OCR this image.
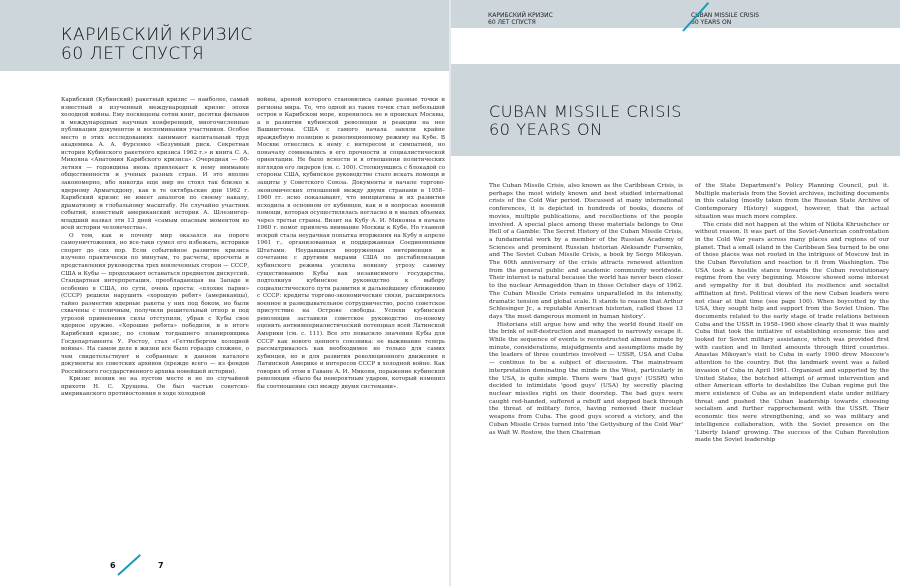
КАРИБСКИЙ КРИЗИС
60 ЛЕТ СПУСТЯ

Карибский (Кубинский) ракетный кризис — наиболее, самый известный и изученный международный кризис эпохи холодной войны. Ему посвящены сотни книг, десятки фильмов и международных научных конференций, многочисленные публикации документов и воспоминания участников. Особое место в этих исследованиях занимают капитальный труд академика А. А. Фурсенко «Безумный риск. Секретная история Кубинского ракетного кризиса 1962 г.» и книга С. А. Микояна «Анатомия Карибского кризиса». Очередная — 60-летняя — годовщина вновь привлекает к нему внимание общественности и ученых разных стран. И это вполне закономерно, ибо никогда еще мир не стоял так близко к ядерному Армагеддону, как в те октябрьские дни 1962 г. Карибский кризис не имеет аналогов по своему накалу, драматизму и глобальному масштабу. Не случайно участник событий, известный американский историк А. Шлезингер-младший назвал эти 13 дней «самым опасным моментом во всей истории человечества».

О том, как и почему мир оказался на пороге самоуничтожения, но все-таки сумел его избежать, историки спорят до сих пор. Если событийное развитие кризиса изучено практически по минутам, то расчеты, просчеты и представления руководства трех вовлеченных сторон — СССР, США и Кубы — продолжают оставаться предметом дискуссий. Стандартная интерпретация, преобладающая на Западе и особенно в США, по сути, очень проста: «плохие парни» (СССР) решили нарушить «хорошую ребят» (американцы), тайно разместив ядерные ракеты у них под боком, но были схвачены с поличным, получили решительный отпор и под угрозой применения силы отступили, убрав с Кубы свое ядерное оружие. «Хорошие ребята» победили, и в итоге Карибский кризис, по словам тогдашнего планировщика Госдепартамента У. Ростоу, стал «Геттисбергом холодной войны». На самом деле в жизни все было гораздо сложнее, о чем свидетельствуют и собранные в данном каталоге документы из советских архивов (прежде всего — из фондов Российского государственного архива новейшей истории).

Кризис возник не на пустом месте и не по случайной прихоти Н. С. Хрущева. Он был частью советско-американского противостояния в ходе холодной

войны, ареной которого становились самые разные точки и регионы мира. То, что одной из таких точек стал небольшой остров в Карибском море, коренилось не в происках Москвы, а в развитии кубинской революции и реакции на нее Вашингтона. США с самого начала заняли крайне враждебную позицию к революционному режиму на Кубе. В Москве отнеслись к нему с интересом и симпатией, но поначалу сомневались в его прочности и социалистической ориентации. Не было ясности и в отношении политических взглядов его лидеров (см. с. 100). Столкнувшись с блокадой со стороны США, кубинское руководство стало искать помощи и защиты у Советского Союза. Документы в начале торгово-экономических отношений между двумя странами в 1958–1960 гг. ясно показывают, что инициатива и их развития исходила в основном от кубинцев, как и в вопросах военной помощи, которая осуществлялась негласно и в малых объемах через третьи страны. Визит на Кубу А. И. Микояна в начале 1960 г. помог привлечь внимание Москвы к Кубе. Но главной искрой стала неудачная попытка вторжения на Кубу в апреле 1961 г., организованная и поддержанная Соединенными Штатами. Неудавшаяся вооруженная интервенция и сочетание с другими мерами США по дестабилизации кубинского режима усилила новизну угрозу самому существованию Кубы как независимого государства, подтолкнув кубинское руководство к выбору социалистического пути развития и дальнейшему сближению с СССР: кредиты торгово-экономические связи, расширилось военное и разведывательное сотрудничество, росло советское присутствие на Острове свободы. Успехи кубинской революции заставили советское руководство по-новому оценить антиимпериалистический потенциал всей Латинской Америки (см. с. 111). Все это повысило значение Кубы для СССР как нового ценного союзника: ее выживание теперь рассматривалось как необходимое не только для самих кубинцев, но и для развития революционного движения в Латинской Америке и интересов СССР в холодной войне. Как говорил об этом в Гаване А. И. Микоян, поражение кубинской революции «было бы невероятным ударом, который изменил бы соотношение сил между двумя системами».

6
КАРИБСКИЙ КРИЗИС
60 ЛЕТ СПУСТЯ
CUBAN MISSILE CRISIS
60 YEARS ON
CUBAN MISSILE CRISIS
60 YEARS ON

The Cuban Missile Crisis, also known as the Caribbean Crisis, is perhaps the most widely known and best studied international crisis of the Cold War period. Discussed at many international conferences, it is depicted in hundreds of books, dozens of movies, multiple publications, and recollections of the people involved. A special place among these materials belongs to One Hell of a Gamble: The Secret History of the Cuban Missile Crisis, a fundamental work by a member of the Russian Academy of Sciences and prominent Russian historian Aleksandr Fursenko, and The Soviet Cuban Missile Crisis, a book by Sergo Mikoyan. The 60th anniversary of the crisis attracts renewed attention from the general public and academic community worldwide. Their interest is natural because the world has never been closer to the nuclear Armageddon than in those October days of 1962. The Cuban Missile Crisis remains unparalleled in its intensity, dramatic tension and global scale. It stands to reason that Arthur Schlesinger Jr., a reputable American historian, called those 13 days 'the most dangerous moment in human history'.

Historians still argue how and why the world found itself on the brink of self-destruction and managed to narrowly escape it. While the sequence of events is reconstructed almost minute by minute, considerations, misjudgments and assumptions made by the leaders of three countries involved — USSR, USA and Cuba — continue to be a subject of discussion. The mainstream interpretation dominating the minds in the West, particularly in the USA, is quite simple. There were 'bad guys' (USSR) who decided to intimidate 'good guys' (USA) by secretly placing nuclear missiles right on their doorstep. The bad guys were caught red-handed, suffered a rebuff and stepped back through the threat of military force, having removed their nuclear weapons from Cuba. The good guys scored a victory, and the Cuban Missile Crisis turned into 'the Gettysburg of the Cold War' as Walt W. Rostow, the then Chairman

of the State Department's Policy Planning Council, put it. Multiple materials from the Soviet archives, including documents in this catalog (mostly taken from the Russian State Archive of Contemporary History) suggest, however, that the actual situation was much more complex.

The crisis did not happen at the whim of Nikita Khrushchev or without reason. It was part of the Soviet-American confrontation in the Cold War years across many places and regions of our planet. That a small island in the Caribbean Sea turned to be one of those places was not rooted in the intrigues of Moscow but in the Cuban Revolution and reaction to it from Washington. The USA took a hostile stance towards the Cuban revolutionary regime from the very beginning. Moscow showed some interest and sympathy for it but doubted its resilience and socialist affiliation at first. Political views of the new Cuban leaders were not clear at that time (see page 100). When boycotted by the USA, they sought help and support from the Soviet Union. The documents related to the early stage of trade relations between Cuba and the USSR in 1958–1960 show clearly that it was mainly Cuba that took the initiative of establishing economic ties and looked for Soviet military assistance, which was provided first with caution and in limited amounts through third countries. Anastas Mikoyan's visit to Cuba in early 1960 drew Moscow's attention to the country. But the landmark event was a failed invasion of Cuba in April 1961. Organized and supported by the United States, the botched attempt of armed intervention and other American efforts to destabilize the Cuban regime put the mere existence of Cuba as an independent state under military threat and pushed the Cuban leadership towards choosing socialism and further rapprochement with the USSR. Their economic ties were strengthening, and so was military and intelligence collaboration, with the Soviet presence on the 'Liberty Island' growing. The success of the Cuban Revolution made the Soviet leadership

7
